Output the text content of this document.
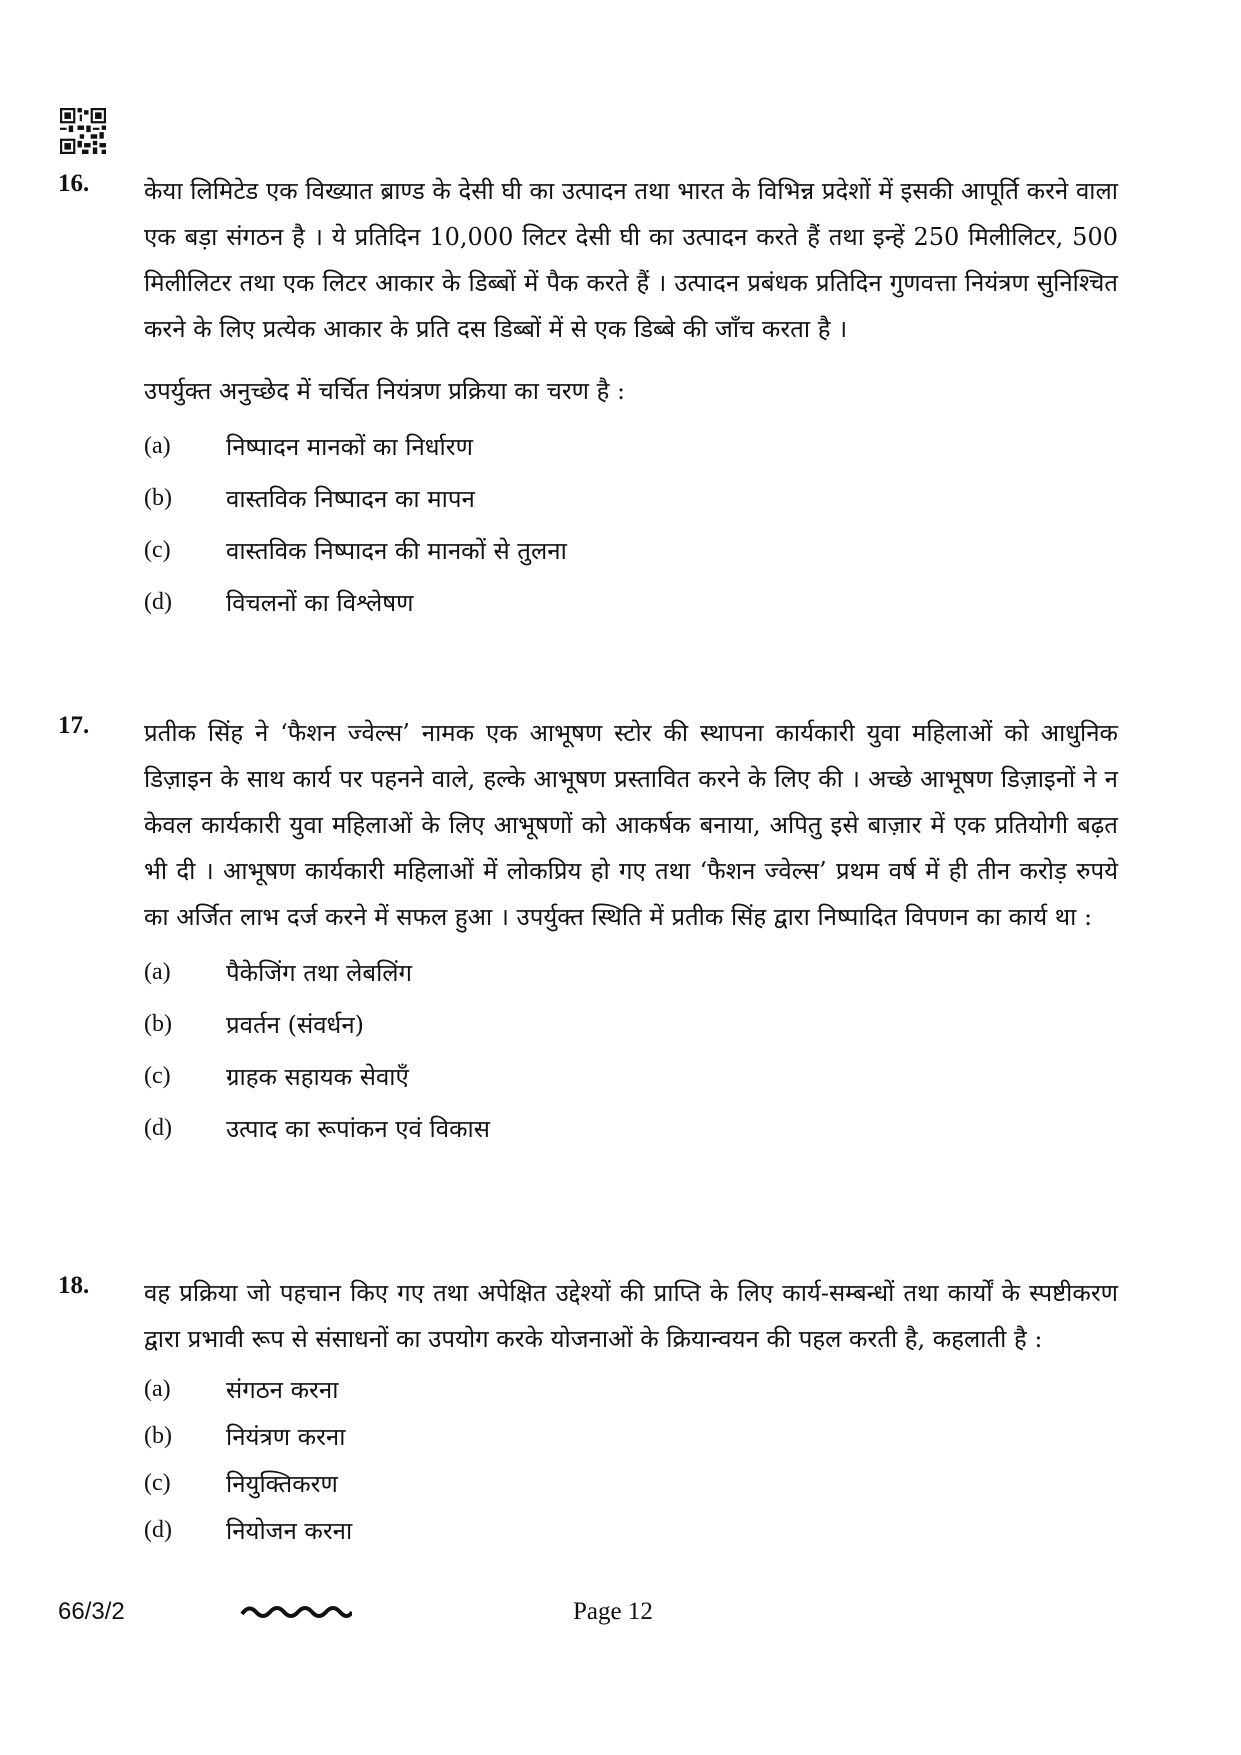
16. केया लिमिटेड एक विख्यात ब्राण्ड के देसी घी का उत्पादन तथा भारत के विभिन्न प्रदेशों में इसकी आपूर्ति करने वाला एक बड़ा संगठन है । ये प्रतिदिन 10,000 लिटर देसी घी का उत्पादन करते हैं तथा इन्हें 250 मिलीलिटर, 500 मिलीलिटर तथा एक लिटर आकार के डिब्बों में पैक करते हैं । उत्पादन प्रबंधक प्रतिदिन गुणवत्ता नियंत्रण सुनिश्चित करने के लिए प्रत्येक आकार के प्रति दस डिब्बों में से एक डिब्बे की जाँच करता है ।
उपर्युक्त अनुच्छेद में चर्चित नियंत्रण प्रक्रिया का चरण है :
(a)	निष्पादन मानकों का निर्धारण
(b)	वास्तविक निष्पादन का मापन
(c)	वास्तविक निष्पादन की मानकों से तुलना
(d)	विचलनों का विश्लेषण
17. प्रतीक सिंह ने ‘फैशन ज्वेल्स’ नामक एक आभूषण स्टोर की स्थापना कार्यकारी युवा महिलाओं को आधुनिक डिज़ाइन के साथ कार्य पर पहनने वाले, हल्के आभूषण प्रस्तावित करने के लिए की । अच्छे आभूषण डिज़ाइनों ने न केवल कार्यकारी युवा महिलाओं के लिए आभूषणों को आकर्षक बनाया, अपितु इसे बाज़ार में एक प्रतियोगी बढ़त भी दी । आभूषण कार्यकारी महिलाओं में लोकप्रिय हो गए तथा ‘फैशन ज्वेल्स’ प्रथम वर्ष में ही तीन करोड़ रुपये का अर्जित लाभ दर्ज करने में सफल हुआ । उपर्युक्त स्थिति में प्रतीक सिंह द्वारा निष्पादित विपणन का कार्य था :
(a)	पैकेजिंग तथा लेबलिंग
(b)	प्रवर्तन (संवर्धन)
(c)	ग्राहक सहायक सेवाएँ
(d)	उत्पाद का रूपांकन एवं विकास
18. वह प्रक्रिया जो पहचान किए गए तथा अपेक्षित उद्देश्यों की प्राप्ति के लिए कार्य-सम्बन्धों तथा कार्यों के स्पष्टीकरण द्वारा प्रभावी रूप से संसाधनों का उपयोग करके योजनाओं के क्रियान्वयन की पहल करती है, कहलाती है :
(a)	संगठन करना
(b)	नियंत्रण करना
(c)	नियुक्तिकरण
(d)	नियोजन करना
66/3/2	Page 12
